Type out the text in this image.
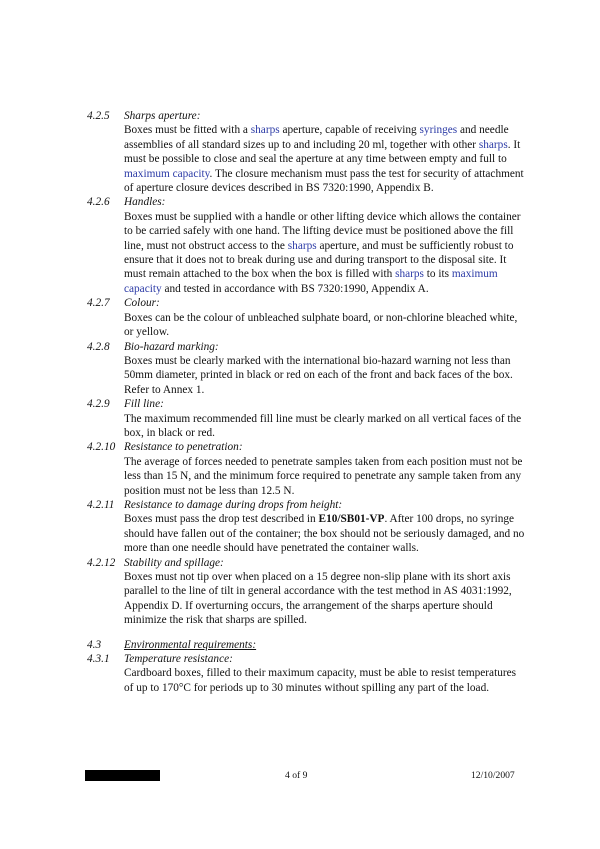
4.2.5 Sharps aperture:
Boxes must be fitted with a sharps aperture, capable of receiving syringes and needle assemblies of all standard sizes up to and including 20 ml, together with other sharps. It must be possible to close and seal the aperture at any time between empty and full to maximum capacity. The closure mechanism must pass the test for security of attachment of aperture closure devices described in BS 7320:1990, Appendix B.
4.2.6 Handles:
Boxes must be supplied with a handle or other lifting device which allows the container to be carried safely with one hand. The lifting device must be positioned above the fill line, must not obstruct access to the sharps aperture, and must be sufficiently robust to ensure that it does not to break during use and during transport to the disposal site. It must remain attached to the box when the box is filled with sharps to its maximum capacity and tested in accordance with BS 7320:1990, Appendix A.
4.2.7 Colour:
Boxes can be the colour of unbleached sulphate board, or non-chlorine bleached white, or yellow.
4.2.8 Bio-hazard marking:
Boxes must be clearly marked with the international bio-hazard warning not less than 50mm diameter, printed in black or red on each of the front and back faces of the box. Refer to Annex 1.
4.2.9 Fill line:
The maximum recommended fill line must be clearly marked on all vertical faces of the box, in black or red.
4.2.10 Resistance to penetration:
The average of forces needed to penetrate samples taken from each position must not be less than 15 N, and the minimum force required to penetrate any sample taken from any position must not be less than 12.5 N.
4.2.11 Resistance to damage during drops from height:
Boxes must pass the drop test described in E10/SB01-VP. After 100 drops, no syringe should have fallen out of the container; the box should not be seriously damaged, and no more than one needle should have penetrated the container walls.
4.2.12 Stability and spillage:
Boxes must not tip over when placed on a 15 degree non-slip plane with its short axis parallel to the line of tilt in general accordance with the test method in AS 4031:1992, Appendix D. If overturning occurs, the arrangement of the sharps aperture should minimize the risk that sharps are spilled.
4.3 Environmental requirements:
4.3.1 Temperature resistance:
Cardboard boxes, filled to their maximum capacity, must be able to resist temperatures of up to 170°C for periods up to 30 minutes without spilling any part of the load.
4 of 9	12/10/2007
